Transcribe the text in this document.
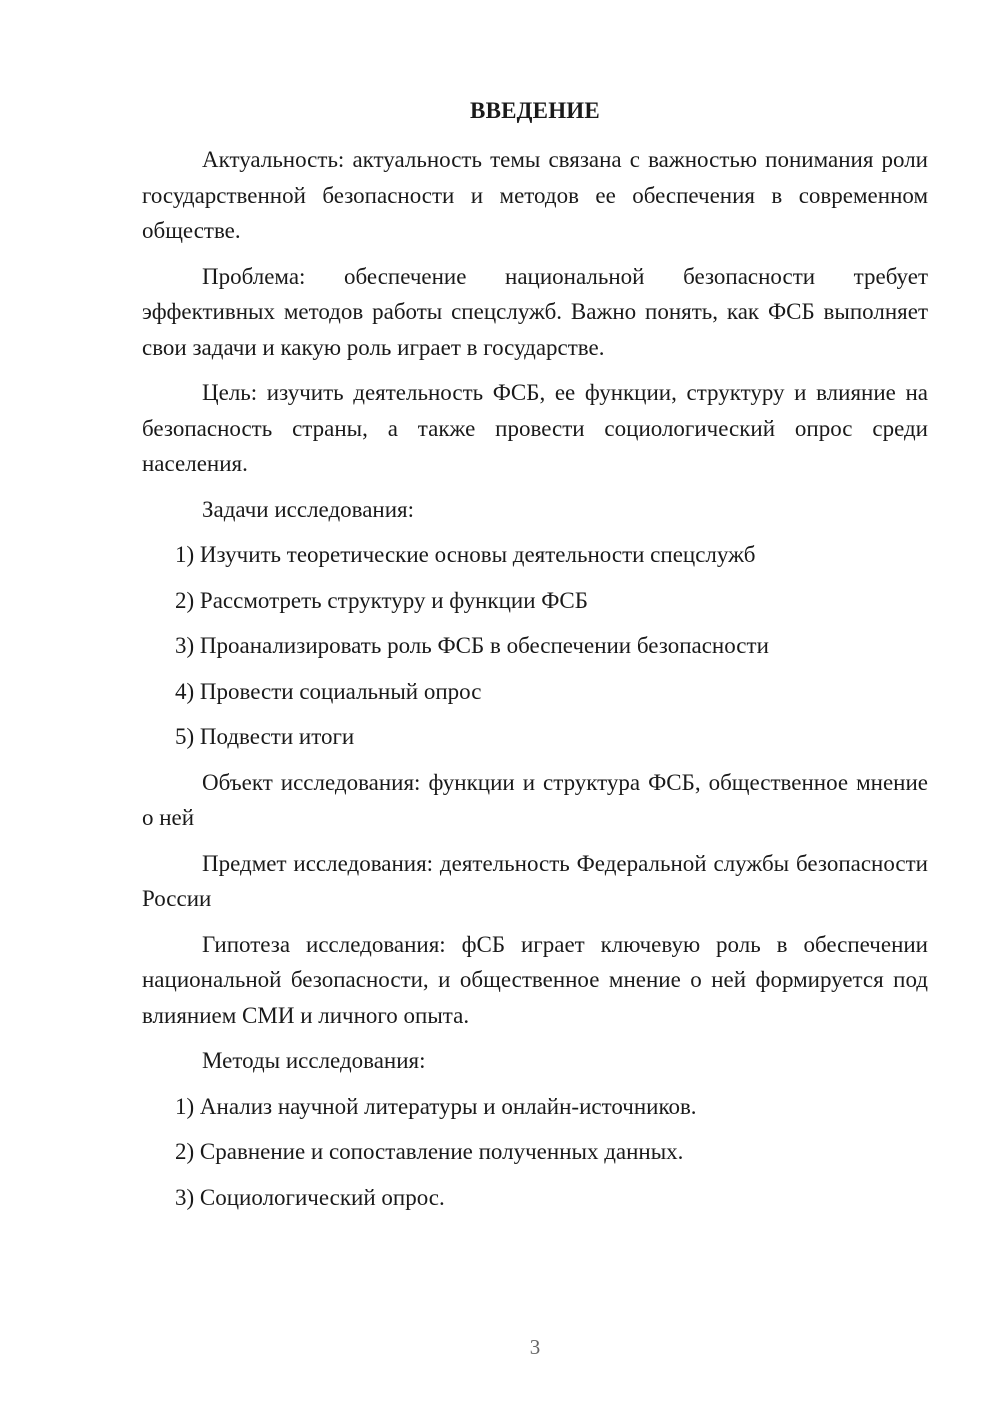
ВВЕДЕНИЕ

Актуальность: актуальность темы связана с важностью понимания роли государственной безопасности и методов ее обеспечения в современном обществе.

Проблема: обеспечение национальной безопасности требует эффективных методов работы спецслужб. Важно понять, как ФСБ выполняет свои задачи и какую роль играет в государстве.

Цель: изучить деятельность ФСБ, ее функции, структуру и влияние на безопасность страны, а также провести социологический опрос среди населения.

Задачи исследования:

1) Изучить теоретические основы деятельности спецслужб
2) Рассмотреть структуру и функции ФСБ
3) Проанализировать роль ФСБ в обеспечении безопасности
4) Провести социальный опрос
5) Подвести итоги

Объект исследования: функции и структура ФСБ, общественное мнение о ней

Предмет исследования: деятельность Федеральной службы безопасности России

Гипотеза исследования: фСБ играет ключевую роль в обеспечении национальной безопасности, и общественное мнение о ней формируется под влиянием СМИ и личного опыта.

Методы исследования:

1) Анализ научной литературы и онлайн-источников.
2) Сравнение и сопоставление полученных данных.
3) Социологический опрос.
3
